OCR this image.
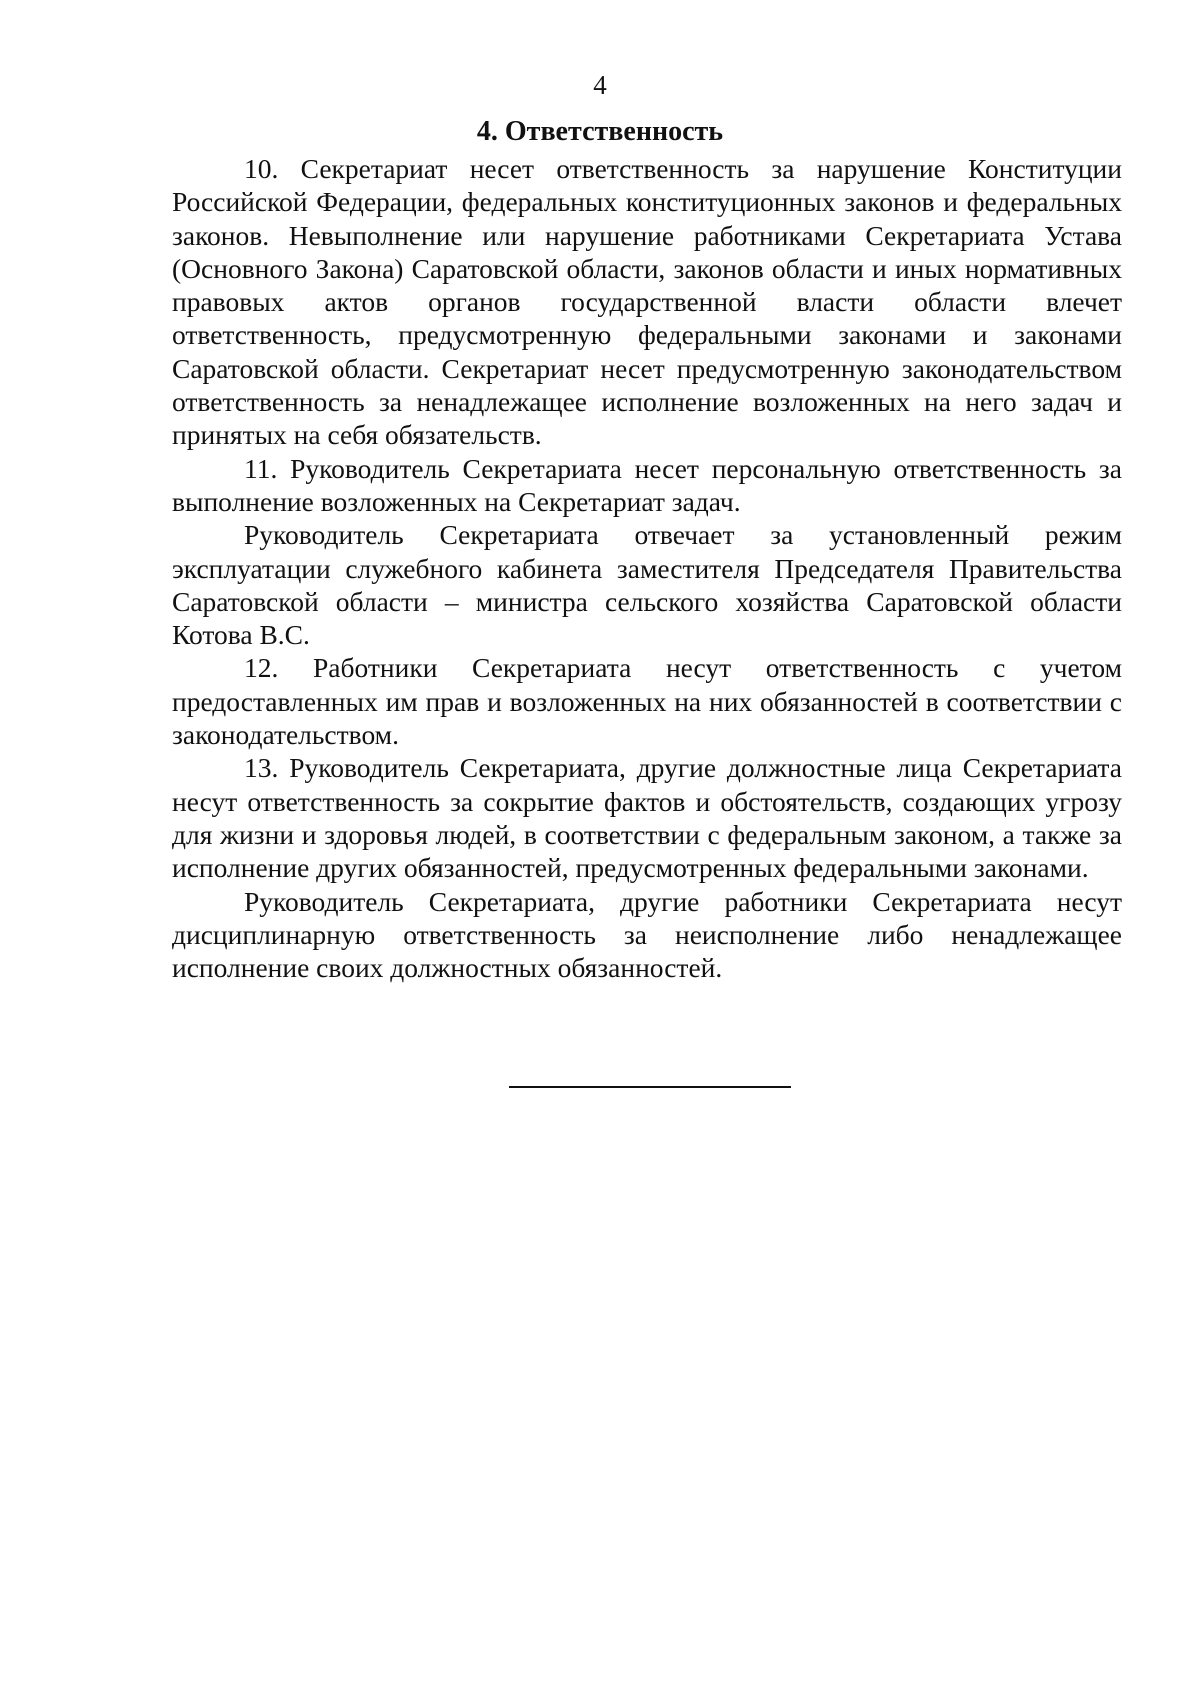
4
4. Ответственность

10. Секретариат несет ответственность за нарушение Конституции Российской Федерации, федеральных конституционных законов и федеральных законов. Невыполнение или нарушение работниками Секретариата Устава (Основного Закона) Саратовской области, законов области и иных нормативных правовых актов органов государственной власти области влечет ответственность, предусмотренную федеральными законами и законами Саратовской области. Секретариат несет предусмотренную законодательством ответственность за ненадлежащее исполнение возложенных на него задач и принятых на себя обязательств.

11. Руководитель Секретариата несет персональную ответственность за выполнение возложенных на Секретариат задач.

Руководитель Секретариата отвечает за установленный режим эксплуатации служебного кабинета заместителя Председателя Правительства Саратовской области – министра сельского хозяйства Саратовской области Котова В.С.

12. Работники Секретариата несут ответственность с учетом предоставленных им прав и возложенных на них обязанностей в соответствии с законодательством.

13. Руководитель Секретариата, другие должностные лица Секретариата несут ответственность за сокрытие фактов и обстоятельств, создающих угрозу для жизни и здоровья людей, в соответствии с федеральным законом, а также за исполнение других обязанностей, предусмотренных федеральными законами.

Руководитель Секретариата, другие работники Секретариата несут дисциплинарную ответственность за неисполнение либо ненадлежащее исполнение своих должностных обязанностей.
